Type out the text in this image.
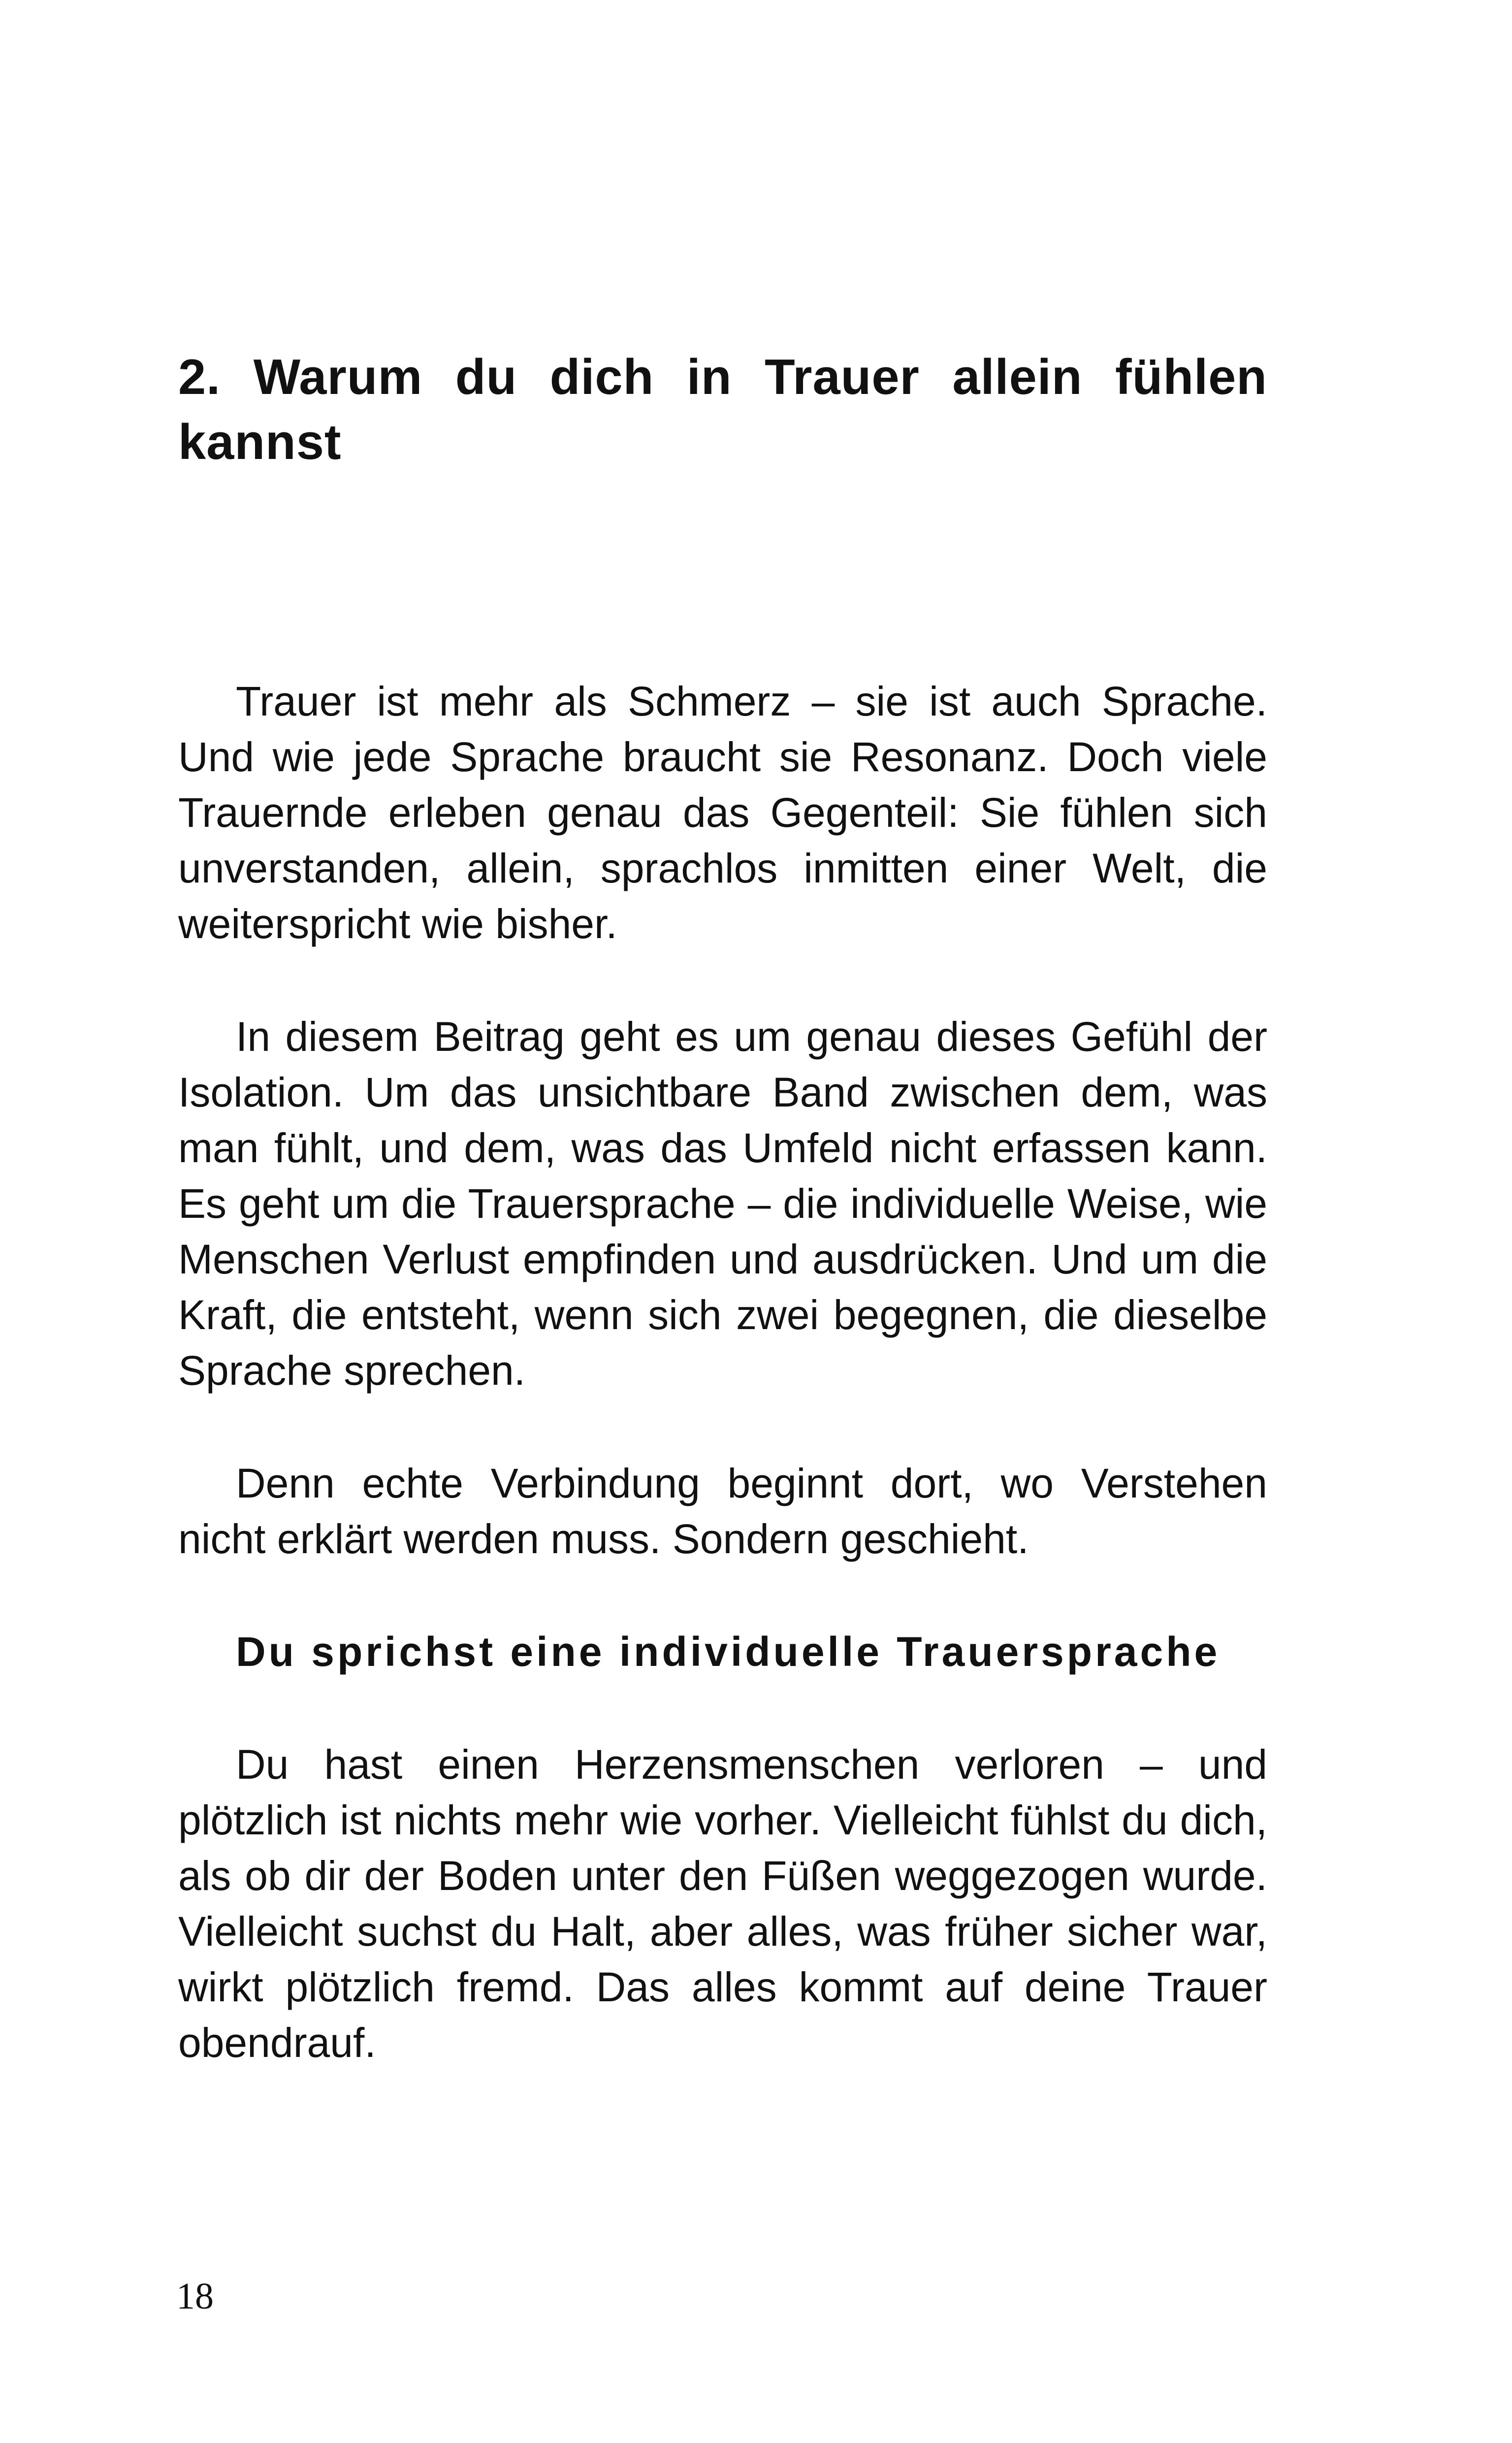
2. Warum du dich in Trauer allein fühlen kannst

Trauer ist mehr als Schmerz – sie ist auch Sprache. Und wie jede Sprache braucht sie Resonanz. Doch viele Trauernde erleben genau das Gegenteil: Sie fühlen sich unverstanden, allein, sprachlos inmitten einer Welt, die weiterspricht wie bisher.

In diesem Beitrag geht es um genau dieses Gefühl der Isolation. Um das unsichtbare Band zwischen dem, was man fühlt, und dem, was das Umfeld nicht erfassen kann. Es geht um die Trauersprache – die individuelle Weise, wie Menschen Verlust empfinden und ausdrücken. Und um die Kraft, die entsteht, wenn sich zwei begegnen, die dieselbe Sprache sprechen.

Denn echte Verbindung beginnt dort, wo Verstehen nicht erklärt werden muss. Sondern geschieht.

Du sprichst eine individuelle Trauersprache

Du hast einen Herzensmenschen verloren – und plötzlich ist nichts mehr wie vorher. Vielleicht fühlst du dich, als ob dir der Boden unter den Füßen weggezogen wurde. Vielleicht suchst du Halt, aber alles, was früher sicher war, wirkt plötzlich fremd. Das alles kommt auf deine Trauer obendrauf.

18
